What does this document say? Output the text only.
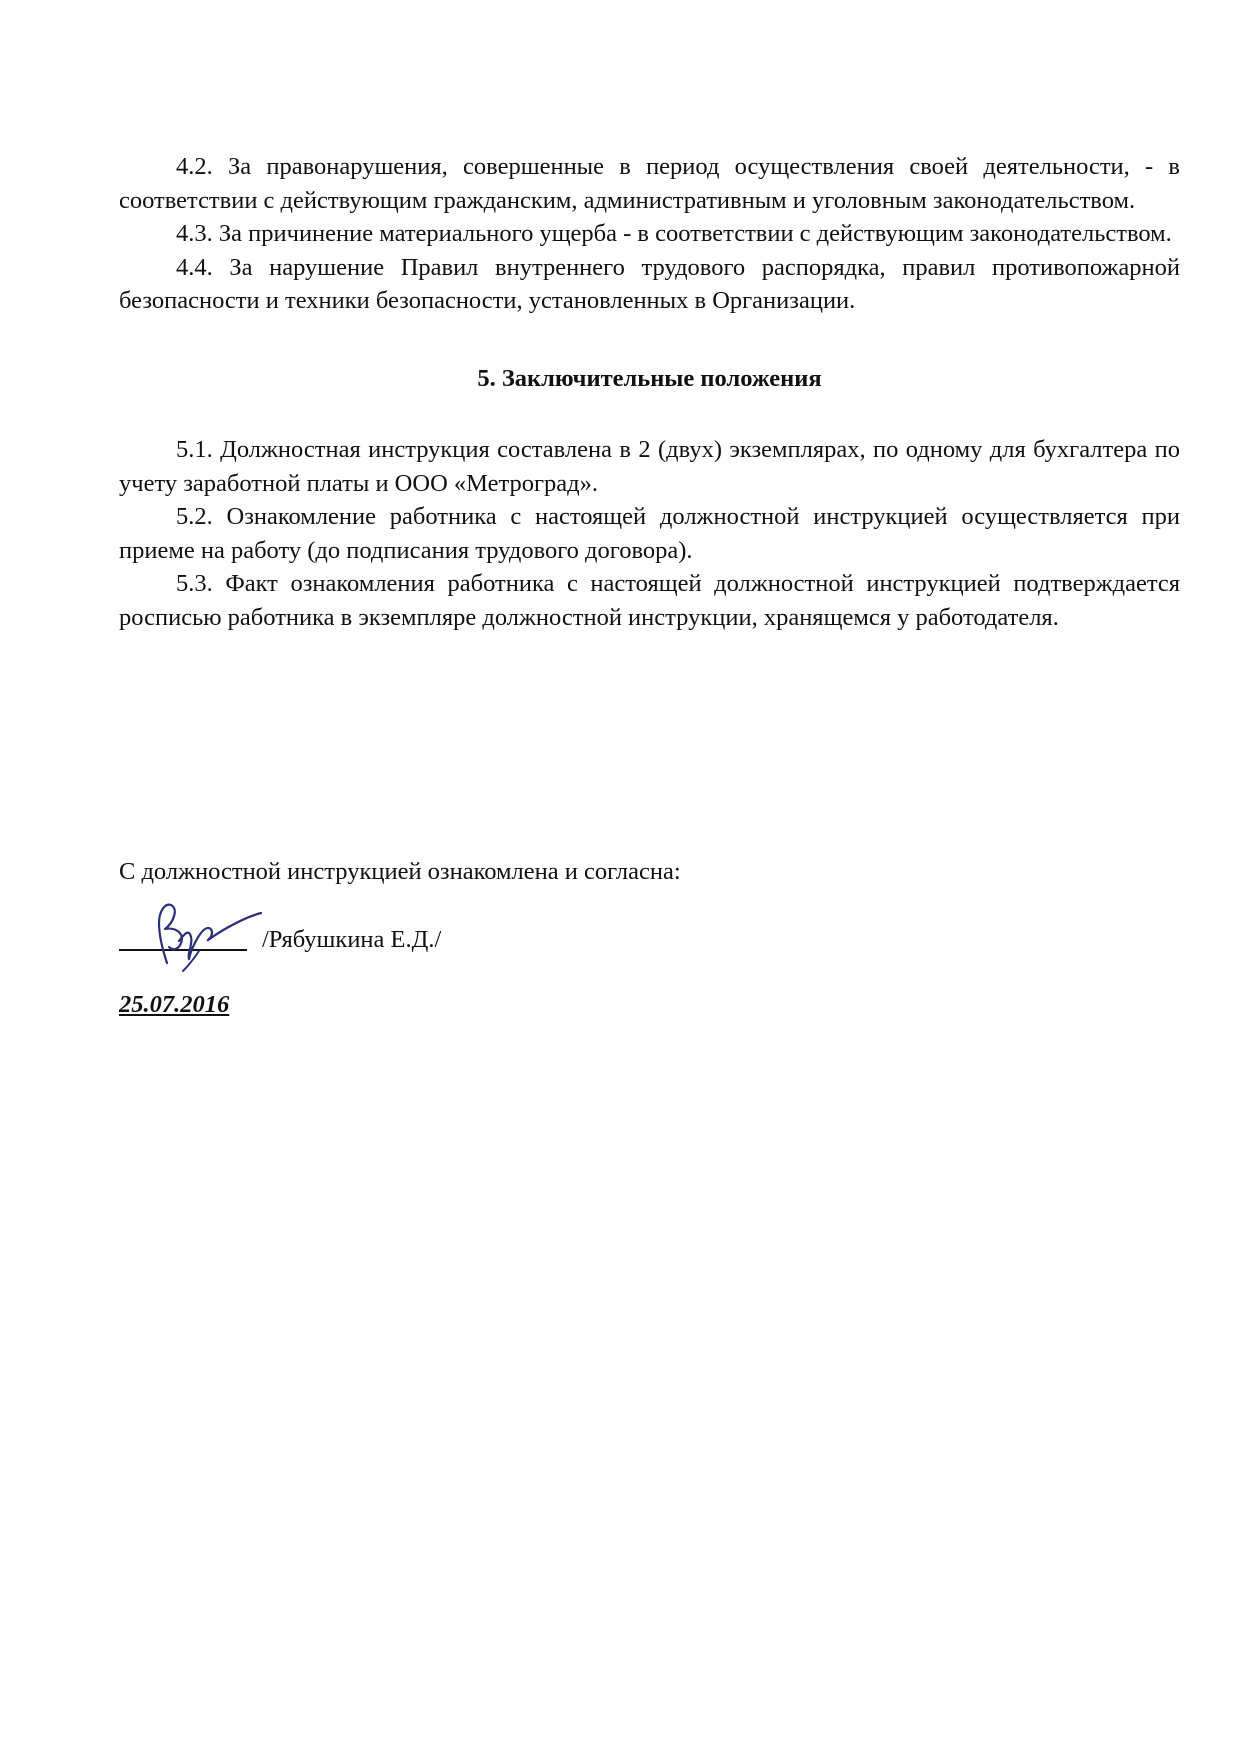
4.2. За правонарушения, совершенные в период осуществления своей деятельности, - в соответствии с действующим гражданским, административным и уголовным законодательством.

4.3. За причинение материального ущерба - в соответствии с действующим законодательством.

4.4. За нарушение Правил внутреннего трудового распорядка, правил противопожарной безопасности и техники безопасности, установленных в Организации.

5. Заключительные положения

5.1. Должностная инструкция составлена в 2 (двух) экземплярах, по одному для бухгалтера по учету заработной платы и ООО «Метроград».

5.2. Ознакомление работника с настоящей должностной инструкцией осуществляется при приеме на работу (до подписания трудового договора).

5.3. Факт ознакомления работника с настоящей должностной инструкцией подтверждается росписью работника в экземпляре должностной инструкции, хранящемся у работодателя.

С должностной инструкцией ознакомлена и согласна:

/Рябушкина Е.Д./
25.07.2016
